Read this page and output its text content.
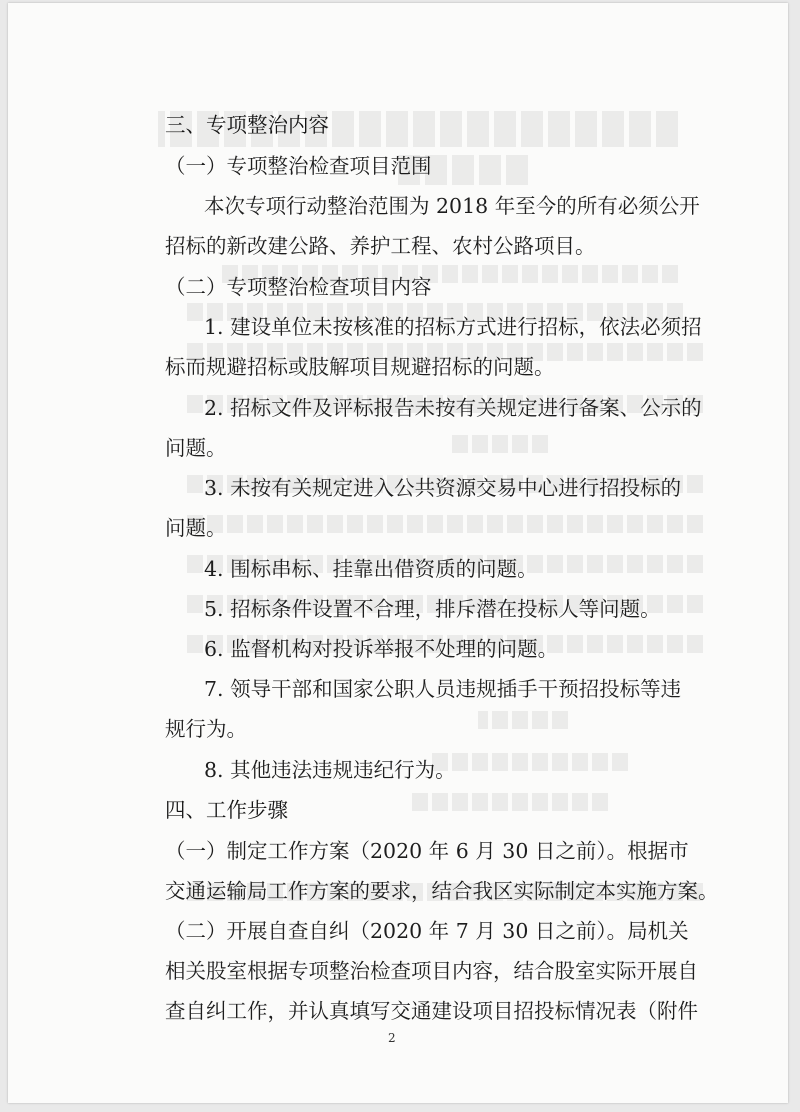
三、专项整治内容
（一）专项整治检查项目范围
本次专项行动整治范围为 2018 年至今的所有必须公开
招标的新改建公路、养护工程、农村公路项目。
（二）专项整治检查项目内容
1. 建设单位未按核准的招标方式进行招标，依法必须招
标而规避招标或肢解项目规避招标的问题。
2. 招标文件及评标报告未按有关规定进行备案、公示的
问题。
3. 未按有关规定进入公共资源交易中心进行招投标的
问题。
4. 围标串标、挂靠出借资质的问题。
5. 招标条件设置不合理，排斥潜在投标人等问题。
6. 监督机构对投诉举报不处理的问题。
7. 领导干部和国家公职人员违规插手干预招投标等违
规行为。
8. 其他违法违规违纪行为。
四、工作步骤
（一）制定工作方案（2020 年 6 月 30 日之前）。根据市
交通运输局工作方案的要求，结合我区实际制定本实施方案。
（二）开展自查自纠（2020 年 7 月 30 日之前）。局机关
相关股室根据专项整治检查项目内容，结合股室实际开展自
查自纠工作，并认真填写交通建设项目招投标情况表（附件
2
